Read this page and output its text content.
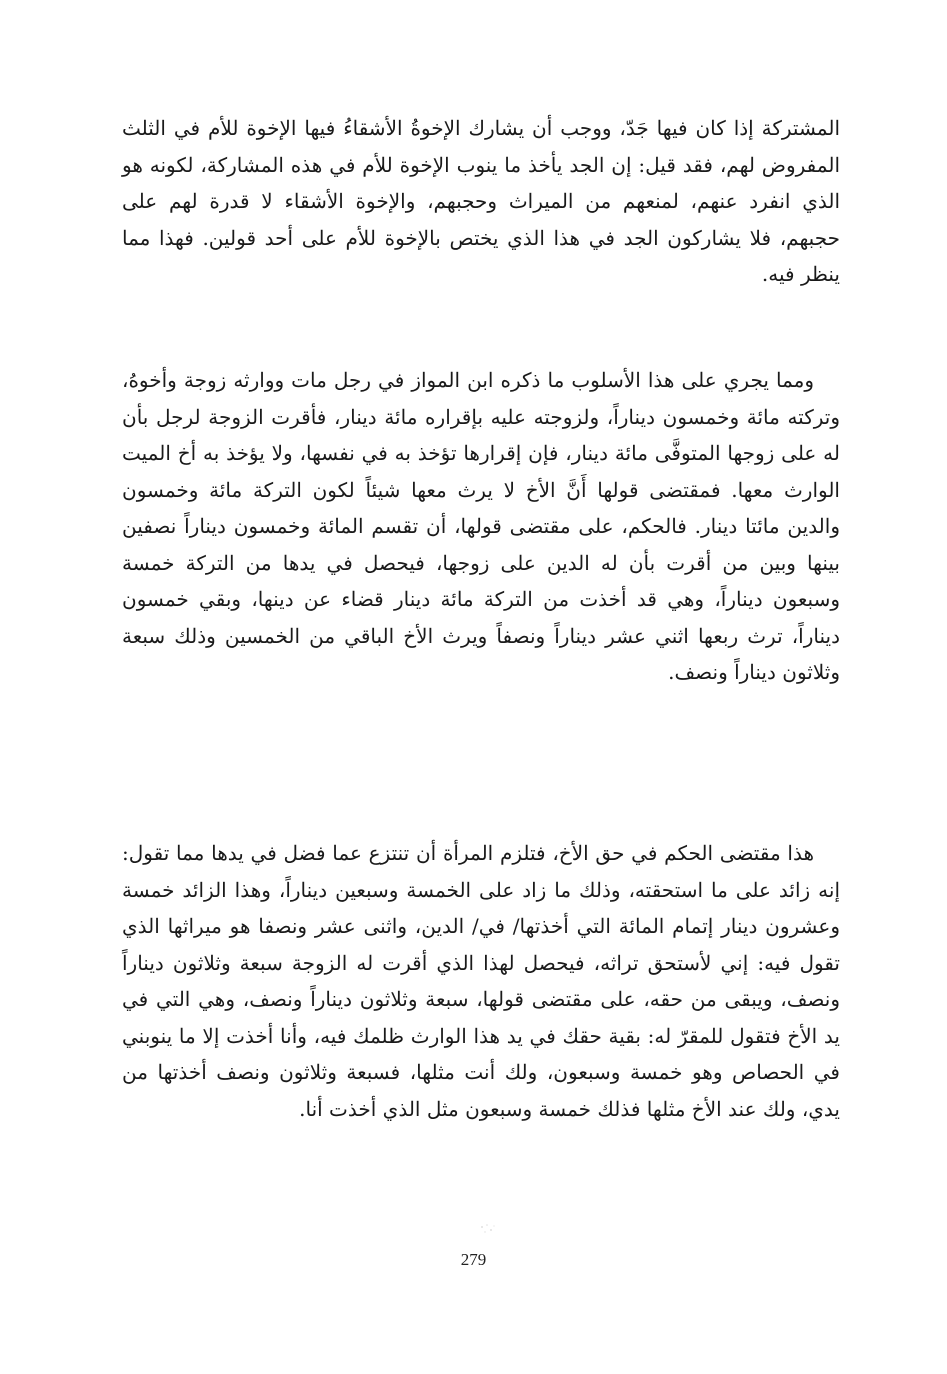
المشتركة إذا كان فيها جَدّ، ووجب أن يشارك الإخوةُ الأشقاءُ فيها الإخوة للأم في الثلث المفروض لهم، فقد قيل: إن الجد يأخذ ما ينوب الإخوة للأم في هذه المشاركة، لكونه هو الذي انفرد عنهم، لمنعهم من الميراث وحجبهم، والإخوة الأشقاء لا قدرة لهم على حجبهم، فلا يشاركون الجد في هذا الذي يختص بالإخوة للأم على أحد قولين. فهذا مما ينظر فيه.

ومما يجري على هذا الأسلوب ما ذكره ابن المواز في رجل مات ووارثه زوجة وأخوهُ، وتركته مائة وخمسون ديناراً، ولزوجته عليه بإقراره مائة دينار، فأقرت الزوجة لرجل بأن له على زوجها المتوفَّى مائة دينار، فإن إقرارها تؤخذ به في نفسها، ولا يؤخذ به أخ الميت الوارث معها. فمقتضى قولها أَنَّ الأخ لا يرث معها شيئاً لكون التركة مائة وخمسون والدين مائتا دينار. فالحكم، على مقتضى قولها، أن تقسم المائة وخمسون ديناراً نصفين بينها وبين من أقرت بأن له الدين على زوجها، فيحصل في يدها من التركة خمسة وسبعون ديناراً، وهي قد أخذت من التركة مائة دينار قضاء عن دينها، وبقي خمسون ديناراً، ترث ربعها اثني عشر ديناراً ونصفاً ويرث الأخ الباقي من الخمسين وذلك سبعة وثلاثون ديناراً ونصف.

هذا مقتضى الحكم في حق الأخ، فتلزم المرأة أن تنتزع عما فضل في يدها مما تقول: إنه زائد على ما استحقته، وذلك ما زاد على الخمسة وسبعين ديناراً، وهذا الزائد خمسة وعشرون دينار إتمام المائة التي أخذتها/ في/ الدين، واثنى عشر ونصفا هو ميراثها الذي تقول فيه: إني لأستحق تراثه، فيحصل لهذا الذي أقرت له الزوجة سبعة وثلاثون ديناراً ونصف، ويبقى من حقه، على مقتضى قولها، سبعة وثلاثون ديناراً ونصف، وهي التي في يد الأخ فتقول للمقرّ له: بقية حقك في يد هذا الوارث ظلمك فيه، وأنا أخذت إلا ما ينوبني في الحصاص وهو خمسة وسبعون، ولك أنت مثلها، فسبعة وثلاثون ونصف أخذتها من يدي، ولك عند الأخ مثلها فذلك خمسة وسبعون مثل الذي أخذت أنا.

279
